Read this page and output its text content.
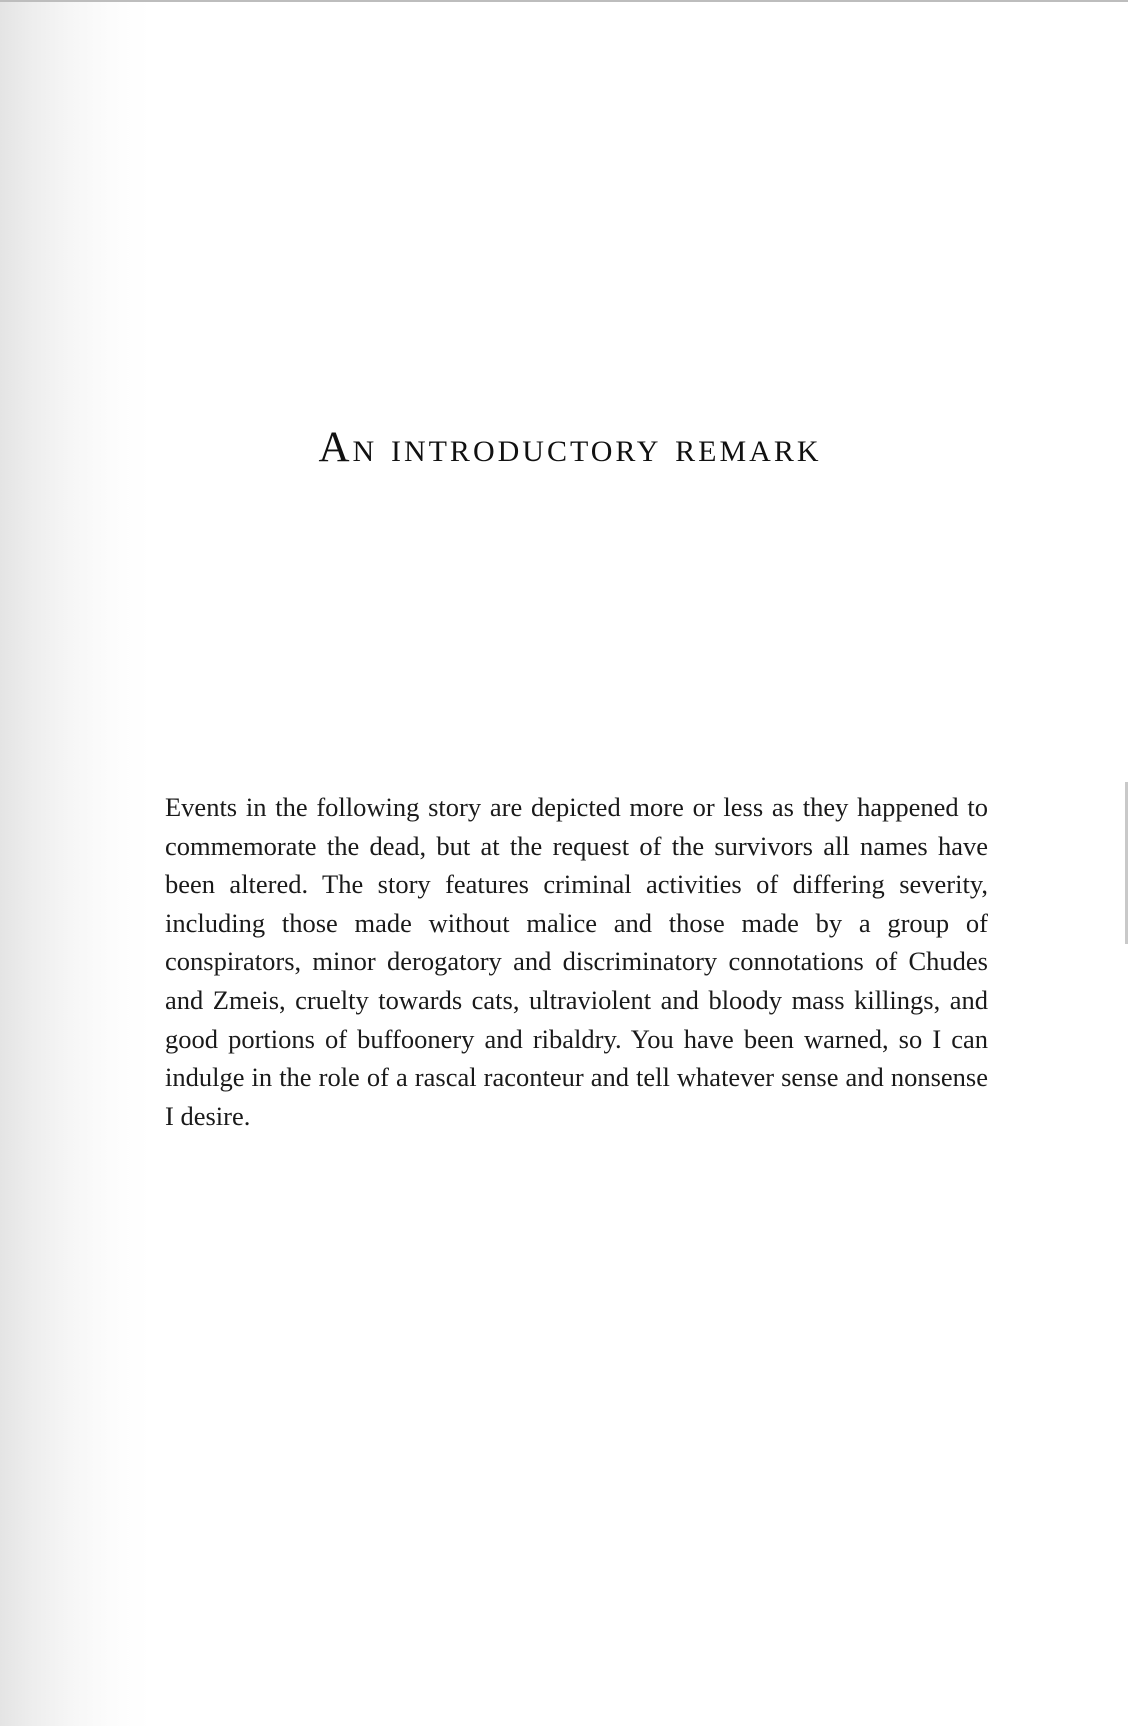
An introductory remark

Events in the following story are depicted more or less as they happened to commemorate the dead, but at the request of the survivors all names have been altered. The story features criminal activities of differing severity, including those made without malice and those made by a group of conspirators, minor derogatory and discriminatory connotations of Chudes and Zmeis, cruelty towards cats, ultraviolent and bloody mass killings, and good portions of buffoonery and ribaldry. You have been warned, so I can indulge in the role of a rascal raconteur and tell whatever sense and nonsense I desire.
